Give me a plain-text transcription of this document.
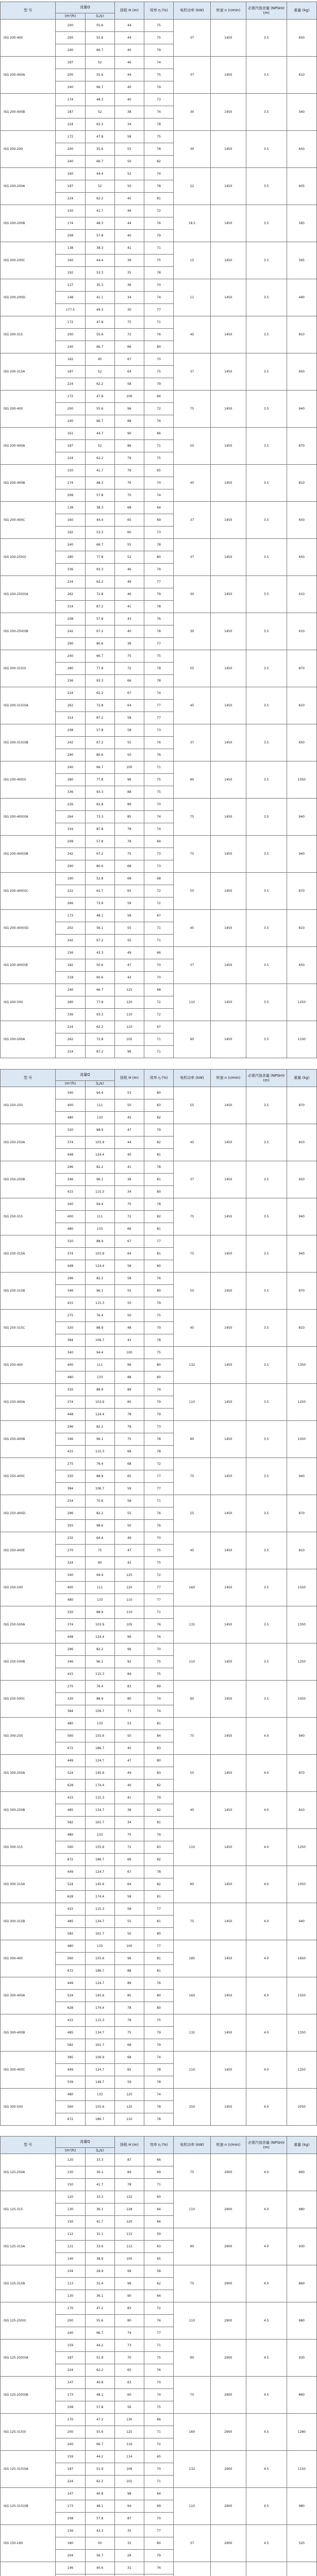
型 号	流量Q		扬程 H (m)	效率 η (%)	电机功率 (kW)	转速 n (r/min)	必需汽蚀余量 (NPSH)r (m)	重量 (kg)
	(m³/h)	(L/s)						
ISG 200-400	200	55.6	44	75	37	1450	3.5	650
	200	55.6	44	75				
	240	66.7	40	79				
ISG 200-400A	187	52	46	74	37	1450	3.5	610
	200	55.6	44	75				
	240	66.7	40	79				
ISG 200-400B	174	48.3	40	73	30	1450	3.5	560
	187	52	38	74				
	224	62.2	34	78				
ISG 200-200	172	47.8	58	75	30	1450	3.5	650
	200	55.6	55	78				
	240	66.7	50	82				
ISG 200-200A	160	44.4	52	74	22	1450	3.5	605
	187	52	50	78				
	224	62.2	45	81				
ISG 200-200B	150	41.7	46	72	18.5	1450	3.5	583
	174	48.3	44	76				
	208	57.8	40	79				
ISG 200-200C	138	38.3	41	71	15	1450	3.5	565
	160	44.4	39	75				
	192	53.3	35	78				
ISG 200-200D	127	35.3	36	70	11	1450	3.5	490
	148	41.1	34	74				
	177.5	49.3	30	77				
ISG 200-315	172	47.8	75	71	45	1450	3.5	810
	200	55.6	72	76				
	240	66.7	66	80				
ISG 200-315A	162	45	67	70	37	1450	3.5	650
	187	52	64	75				
	224	62.2	58	79				
ISG 200-400	172	47.8	100	66	75	1450	3.5	940
	200	55.6	96	72				
	240	66.7	88	76				
ISG 200-400A	161	44.7	90	66	55	1450	3.5	870
	187	52	86	71				
	224	62.2	79	75				
ISG 200-400B	150	41.7	79	65	45	1450	3.5	810
	174	48.3	76	70				
	208	57.8	70	74				
ISG 200-400C	138	38.3	68	64	37	1450	3.5	650
	160	44.4	65	69				
	192	53.3	60	73				
ISG 200-250(I)	240	66.7	55	78	37	1450	3.5	650
	280	77.8	52	80				
	336	93.3	46	79				
ISG 200-250(I)A	224	62.2	49	77	30	1450	3.5	610
	262	72.8	46	79				
	314	87.2	41	78				
ISG 200-250(I)B	208	57.8	43	76	30	1450	3.5	610
	242	67.2	40	78				
	290	80.6	36	77				
ISG 200-315(I)	240	66.7	75	75	55	1450	3.5	870
	280	77.8	72	78				
	336	93.3	66	78				
ISG 200-315(I)A	224	62.2	67	74	45	1450	3.5	810
	262	72.8	64	77				
	314	87.2	58	77				
ISG 200-315(I)B	208	57.8	58	73	37	1450	3.5	650
	242	67.2	55	76				
	290	80.6	50	76				
ISG 200-400(I)	240	66.7	100	71	90	1450	3.5	1050
	280	77.8	96	75				
	336	93.3	88	75				
ISG 200-400(I)A	226	62.8	89	70	75	1450	3.5	940
	264	73.3	85	74				
	316	87.8	78	74				
ISG 200-400(I)B	208	57.8	78	69	75	1450	3.5	940
	242	67.2	75	73				
	290	80.6	68	73				
ISG 200-400(I)C	190	52.8	68	68	55	1450	3.5	870
	222	61.7	65	72				
	266	73.9	59	72				
ISG 200-400(I)D	173	48.1	58	67	45	1450	3.5	810
	202	56.1	55	71				
	242	67.2	50	71				
ISG 200-400(I)E	156	43.3	49	66	37	1450	3.5	650
	182	50.6	47	70				
	218	60.6	42	70				
ISG 200-500	240	66.7	125	68	110	1450	3.5	1250
	280	77.8	120	72				
	336	93.3	110	72				
ISG 200-500A	224	62.2	110	67	90	1450	3.5	1100
	262	72.8	105	71				
	314	87.2	96	71				
型 号	流量Q		扬程 H (m)	效率 η (%)	电机功率 (kW)	转速 n (r/min)	必需汽蚀余量 (NPSH)r (m)	重量 (kg)
	(m³/h)	(L/s)						
ISG 250-250	340	94.4	53	80	55	1450	3.5	870
	400	111	50	83				
	480	133	45	82				
ISG 250-250A	320	88.9	47	79	45	1450	3.5	810
	374	103.9	44	82				
	448	124.4	40	81				
ISG 250-250B	296	82.2	41	78	37	1450	3.5	650
	346	96.1	38	81				
	415	115.3	34	80				
ISG 250-315	340	94.4	75	78	75	1450	3.5	940
	400	111	72	82				
	480	133	66	81				
ISG 250-315A	320	88.9	67	77	75	1450	3.5	940
	374	103.9	64	81				
	448	124.4	58	80				
ISG 250-315B	296	82.2	58	76	55	1450	3.5	870
	346	96.1	55	80				
	415	115.3	50	79				
ISG 250-315C	275	76.4	50	75	45	1450	3.5	810
	320	88.9	48	79				
	384	106.7	43	78				
ISG 250-400	340	94.4	100	75	132	1450	3.5	1350
	400	111	96	80				
	480	133	88	80				
ISG 250-400A	320	88.9	89	74	110	1450	3.5	1250
	374	103.9	85	79				
	448	124.4	78	79				
ISG 250-400B	296	82.2	78	73	90	1450	3.5	1050
	346	96.1	75	78				
	415	115.3	68	78				
ISG 250-400C	275	76.4	68	72	75	1450	3.5	940
	320	88.9	65	77				
	384	106.7	59	77				
ISG 250-400D	254	70.6	58	71	55	1450	3.5	870
	296	82.2	55	76				
	355	98.6	50	76				
ISG 250-400E	232	64.4	49	70	45	1450	3.5	810
	270	75	47	75				
	324	90	42	75				
ISG 250-500	340	94.4	125	72	160	1450	3.5	1550
	400	111	120	77				
	480	133	110	77				
ISG 250-500A	320	88.9	110	71	132	1450	3.5	1350
	374	103.9	105	76				
	448	124.4	96	76				
ISG 250-500B	296	82.2	96	70	110	1450	3.5	1250
	346	96.1	92	75				
	415	115.3	84	75				
ISG 250-500C	275	76.4	83	69	90	1450	3.5	1050
	320	88.9	80	74				
	384	106.7	73	74				
ISG 300-250	480	133	53	81	75	1450	4.0	940
	560	155.6	50	84				
	672	186.7	45	83				
ISG 300-250A	449	124.7	47	80	55	1450	4.0	870
	524	145.6	44	83				
	628	174.4	40	82				
ISG 300-250B	415	115.3	41	79	45	1450	4.0	810
	485	134.7	38	82				
	582	161.7	34	81				
ISG 300-315	480	133	75	79	110	1450	4.0	1250
	560	155.6	72	83				
	672	186.7	66	82				
ISG 300-315A	449	124.7	67	78	90	1450	4.0	1050
	524	145.6	64	82				
	628	174.4	58	81				
ISG 300-315B	415	115.3	58	77	75	1450	4.0	940
	485	134.7	55	81				
	582	161.7	50	80				
ISG 300-400	480	133	100	77	185	1450	4.0	1650
	560	155.6	96	81				
	672	186.7	88	81				
ISG 300-400A	449	124.7	89	76	160	1450	4.0	1550
	524	145.6	85	80				
	628	174.4	78	80				
ISG 300-400B	415	115.3	78	75	132	1450	4.0	1350
	485	134.7	75	79				
	582	161.7	68	79				
ISG 300-400C	385	106.9	68	74	110	1450	4.0	1250
	449	124.7	65	78				
	539	149.7	59	78				
ISG 300-500	480	133	125	74	250	1450	4.0	2050
	560	155.6	120	78				
	672	186.7	110	78				
型 号	流量Q		扬程 H (m)	效率 η (%)	电机功率 (kW)	转速 n (r/min)	必需汽蚀余量 (NPSH)r (m)	重量 (kg)
	(m³/h)	(L/s)						
ISG 125-250A	120	33.3	87	66	75	2900	4.0	860
	130	36.1	84	69				
	150	41.7	78	71				
ISG 125-315	120	33.3	132	60	110	2900	4.0	980
	130	36.1	128	64				
	150	41.7	120	66				
ISG 125-315A	112	31.1	115	59	90	2900	4.0	930
	121	33.6	112	63				
	140	38.9	105	65				
ISG 125-315B	104	28.9	99	58	75	2900	4.0	860
	113	31.4	96	62				
	130	36.1	90	64				
ISG 125-250(I)	170	47.2	83	72	110	2900	4.5	980
	200	55.6	80	76				
	240	66.7	74	77				
ISG 125-250(I)A	159	44.2	73	71	90	2900	4.5	930
	187	51.9	70	75				
	224	62.2	65	76				
ISG 125-250(I)B	147	40.8	63	70	75	2900	4.5	860
	173	48.1	60	74				
	208	57.8	56	75				
ISG 125-315(I)	170	47.2	130	66	160	2900	4.5	1280
	200	55.6	125	71				
	240	66.7	116	72				
ISG 125-315(I)A	159	44.2	114	65	132	2900	4.5	1150
	187	51.9	109	70				
	224	62.2	101	71				
ISG 125-315(I)B	147	40.8	98	64	110	2900	4.5	980
	173	48.1	94	69				
	208	57.8	87	70				
ISG 150-160	156	43.3	35	77	37	2900	4.5	520
	180	50	32	80				
	204	56.7	28	79				
	146	40.6	31	76				
